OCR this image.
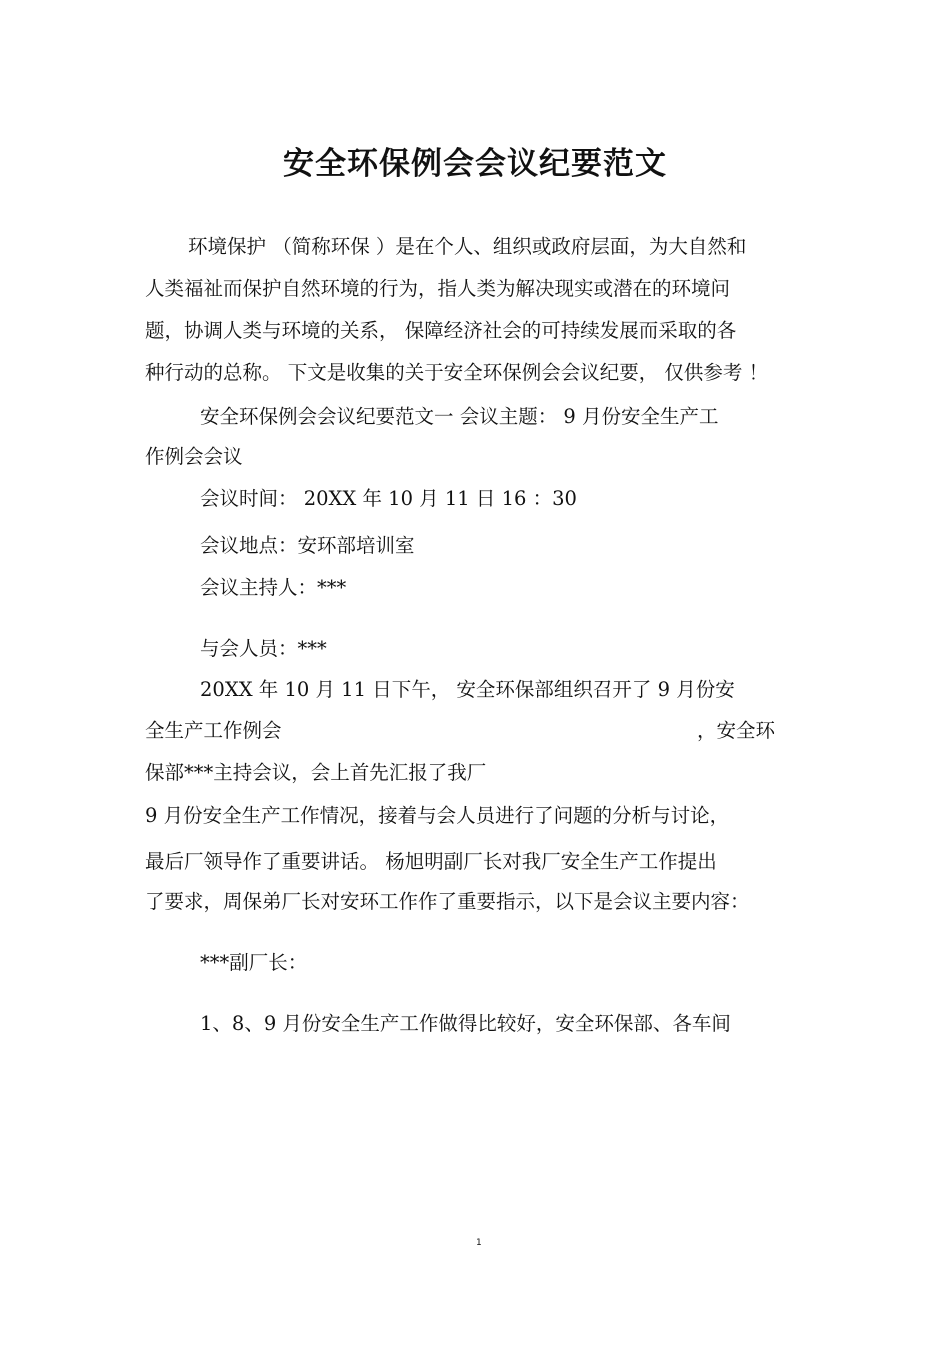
安全环保例会会议纪要范文
环境保护 （简称环保 ）是在个人、组织或政府层面，为大自然和
人类福祉而保护自然环境的行为，指人类为解决现实或潜在的环境问
题，协调人类与环境的关系， 保障经济社会的可持续发展而采取的各
种行动的总称。 下文是收集的关于安全环保例会会议纪要， 仅供参考 ！
安全环保例会会议纪要范文一 会议主题： 9 月份安全生产工
作例会会议
会议时间： 20XX 年 10 月 11 日 16 ：30
会议地点：安环部培训室
会议主持人：***
与会人员：***
20XX 年 10 月 11 日下午， 安全环保部组织召开了 9 月份安
全生产工作例会	，安全环
保部***主持会议，会上首先汇报了我厂
9 月份安全生产工作情况，接着与会人员进行了问题的分析与讨论，
最后厂领导作了重要讲话。 杨旭明副厂长对我厂安全生产工作提出
了要求，周保弟厂长对安环工作作了重要指示，以下是会议主要内容：
***副厂长：
1、8、9 月份安全生产工作做得比较好，安全环保部、各车间
1
